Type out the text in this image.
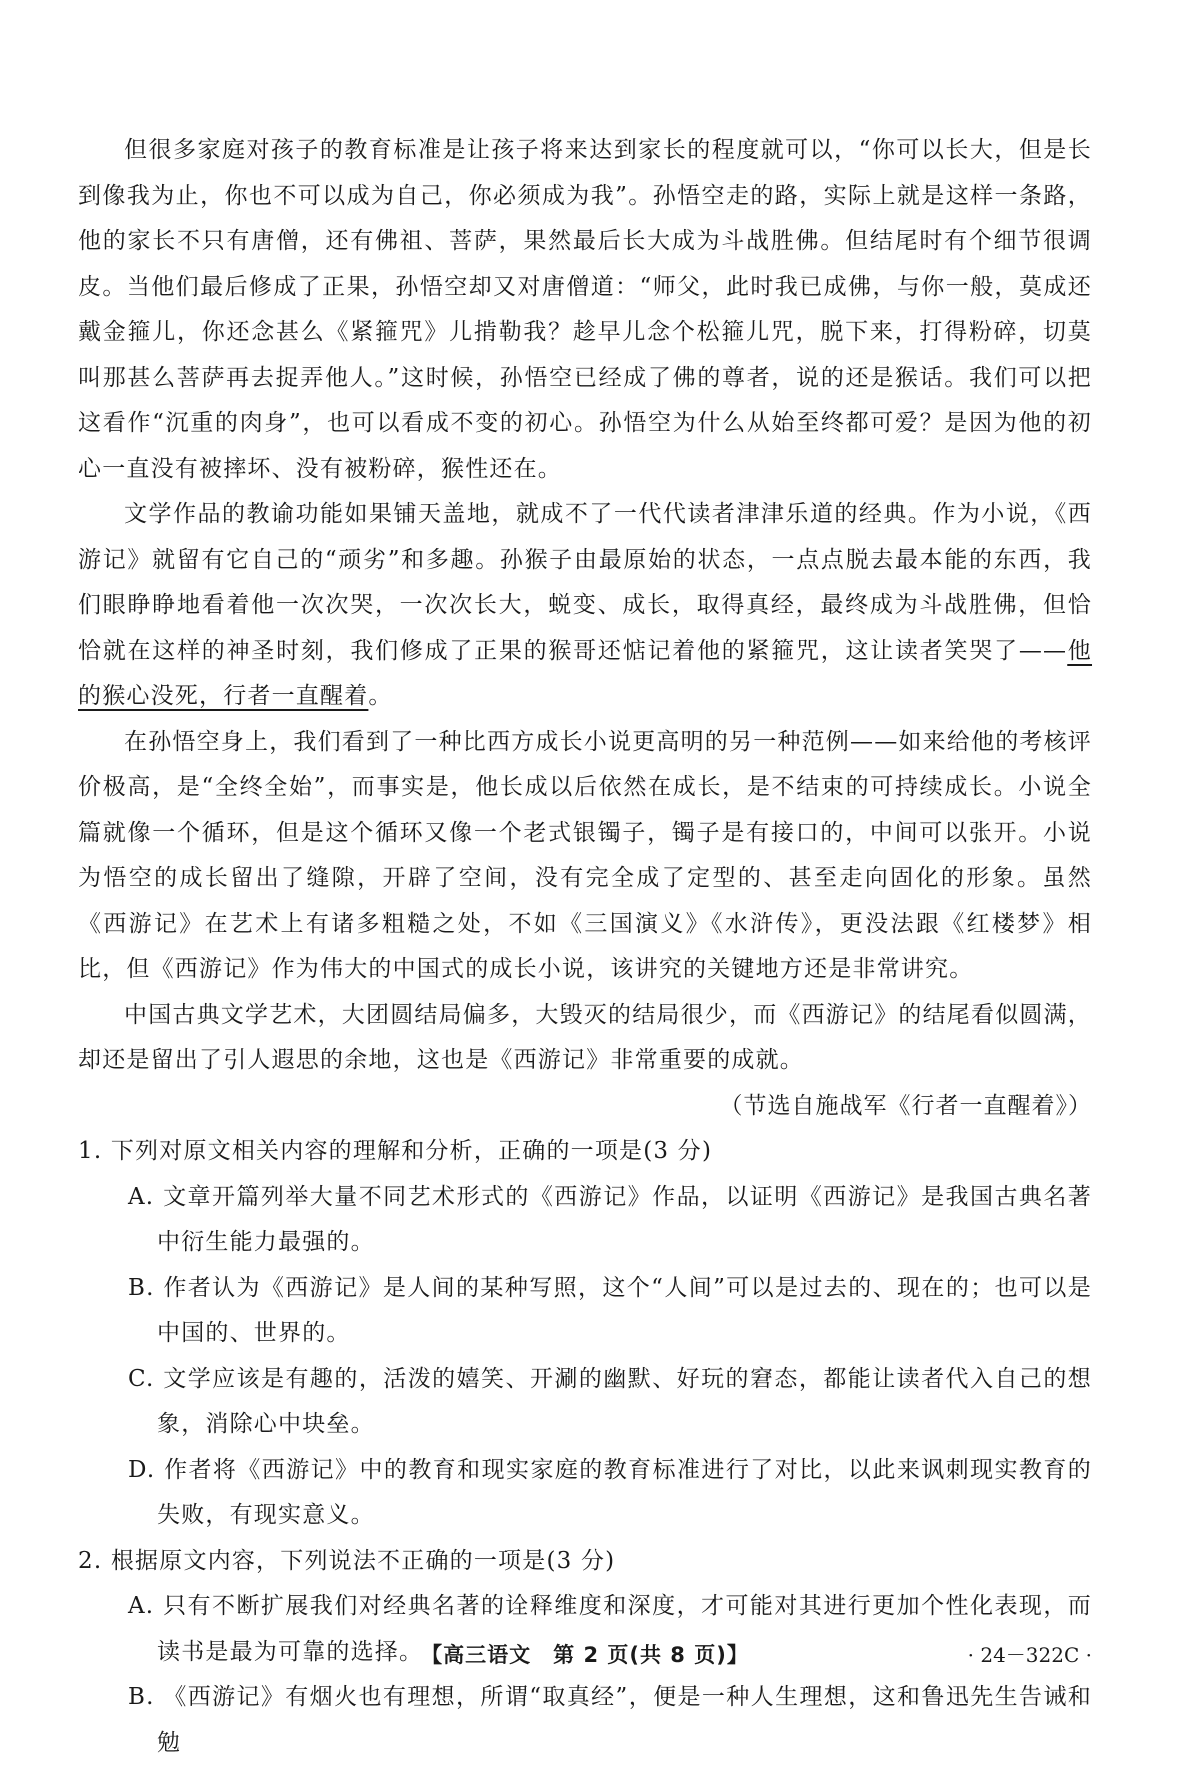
但很多家庭对孩子的教育标准是让孩子将来达到家长的程度就可以，“你可以长大，但是长到像我为止，你也不可以成为自己，你必须成为我”。孙悟空走的路，实际上就是这样一条路，他的家长不只有唐僧，还有佛祖、菩萨，果然最后长大成为斗战胜佛。但结尾时有个细节很调皮。当他们最后修成了正果，孙悟空却又对唐僧道：“师父，此时我已成佛，与你一般，莫成还戴金箍儿，你还念甚么《紧箍咒》儿掯勒我？趁早儿念个松箍儿咒，脱下来，打得粉碎，切莫叫那甚么菩萨再去捉弄他人。”这时候，孙悟空已经成了佛的尊者，说的还是猴话。我们可以把这看作“沉重的肉身”，也可以看成不变的初心。孙悟空为什么从始至终都可爱？是因为他的初心一直没有被摔坏、没有被粉碎，猴性还在。

文学作品的教谕功能如果铺天盖地，就成不了一代代读者津津乐道的经典。作为小说，《西游记》就留有它自己的“顽劣”和多趣。孙猴子由最原始的状态，一点点脱去最本能的东西，我们眼睁睁地看着他一次次哭，一次次长大，蜕变、成长，取得真经，最终成为斗战胜佛，但恰恰就在这样的神圣时刻，我们修成了正果的猴哥还惦记着他的紧箍咒，这让读者笑哭了——他的猴心没死，行者一直醒着。

在孙悟空身上，我们看到了一种比西方成长小说更高明的另一种范例——如来给他的考核评价极高，是“全终全始”，而事实是，他长成以后依然在成长，是不结束的可持续成长。小说全篇就像一个循环，但是这个循环又像一个老式银镯子，镯子是有接口的，中间可以张开。小说为悟空的成长留出了缝隙，开辟了空间，没有完全成了定型的、甚至走向固化的形象。虽然《西游记》在艺术上有诸多粗糙之处，不如《三国演义》《水浒传》，更没法跟《红楼梦》相比，但《西游记》作为伟大的中国式的成长小说，该讲究的关键地方还是非常讲究。

中国古典文学艺术，大团圆结局偏多，大毁灭的结局很少，而《西游记》的结尾看似圆满，却还是留出了引人遐思的余地，这也是《西游记》非常重要的成就。

（节选自施战军《行者一直醒着》）

1. 下列对原文相关内容的理解和分析，正确的一项是(3 分)

A. 文章开篇列举大量不同艺术形式的《西游记》作品，以证明《西游记》是我国古典名著中衍生能力最强的。

B. 作者认为《西游记》是人间的某种写照，这个“人间”可以是过去的、现在的；也可以是中国的、世界的。

C. 文学应该是有趣的，活泼的嬉笑、开涮的幽默、好玩的窘态，都能让读者代入自己的想象，消除心中块垒。

D. 作者将《西游记》中的教育和现实家庭的教育标准进行了对比，以此来讽刺现实教育的失败，有现实意义。

2. 根据原文内容，下列说法不正确的一项是(3 分)

A. 只有不断扩展我们对经典名著的诠释维度和深度，才可能对其进行更加个性化表现，而读书是最为可靠的选择。

B. 《西游记》有烟火也有理想，所谓“取真经”，便是一种人生理想，这和鲁迅先生告诫和勉

【高三语文　第 2 页(共 8 页)】	· 24－322C ·
